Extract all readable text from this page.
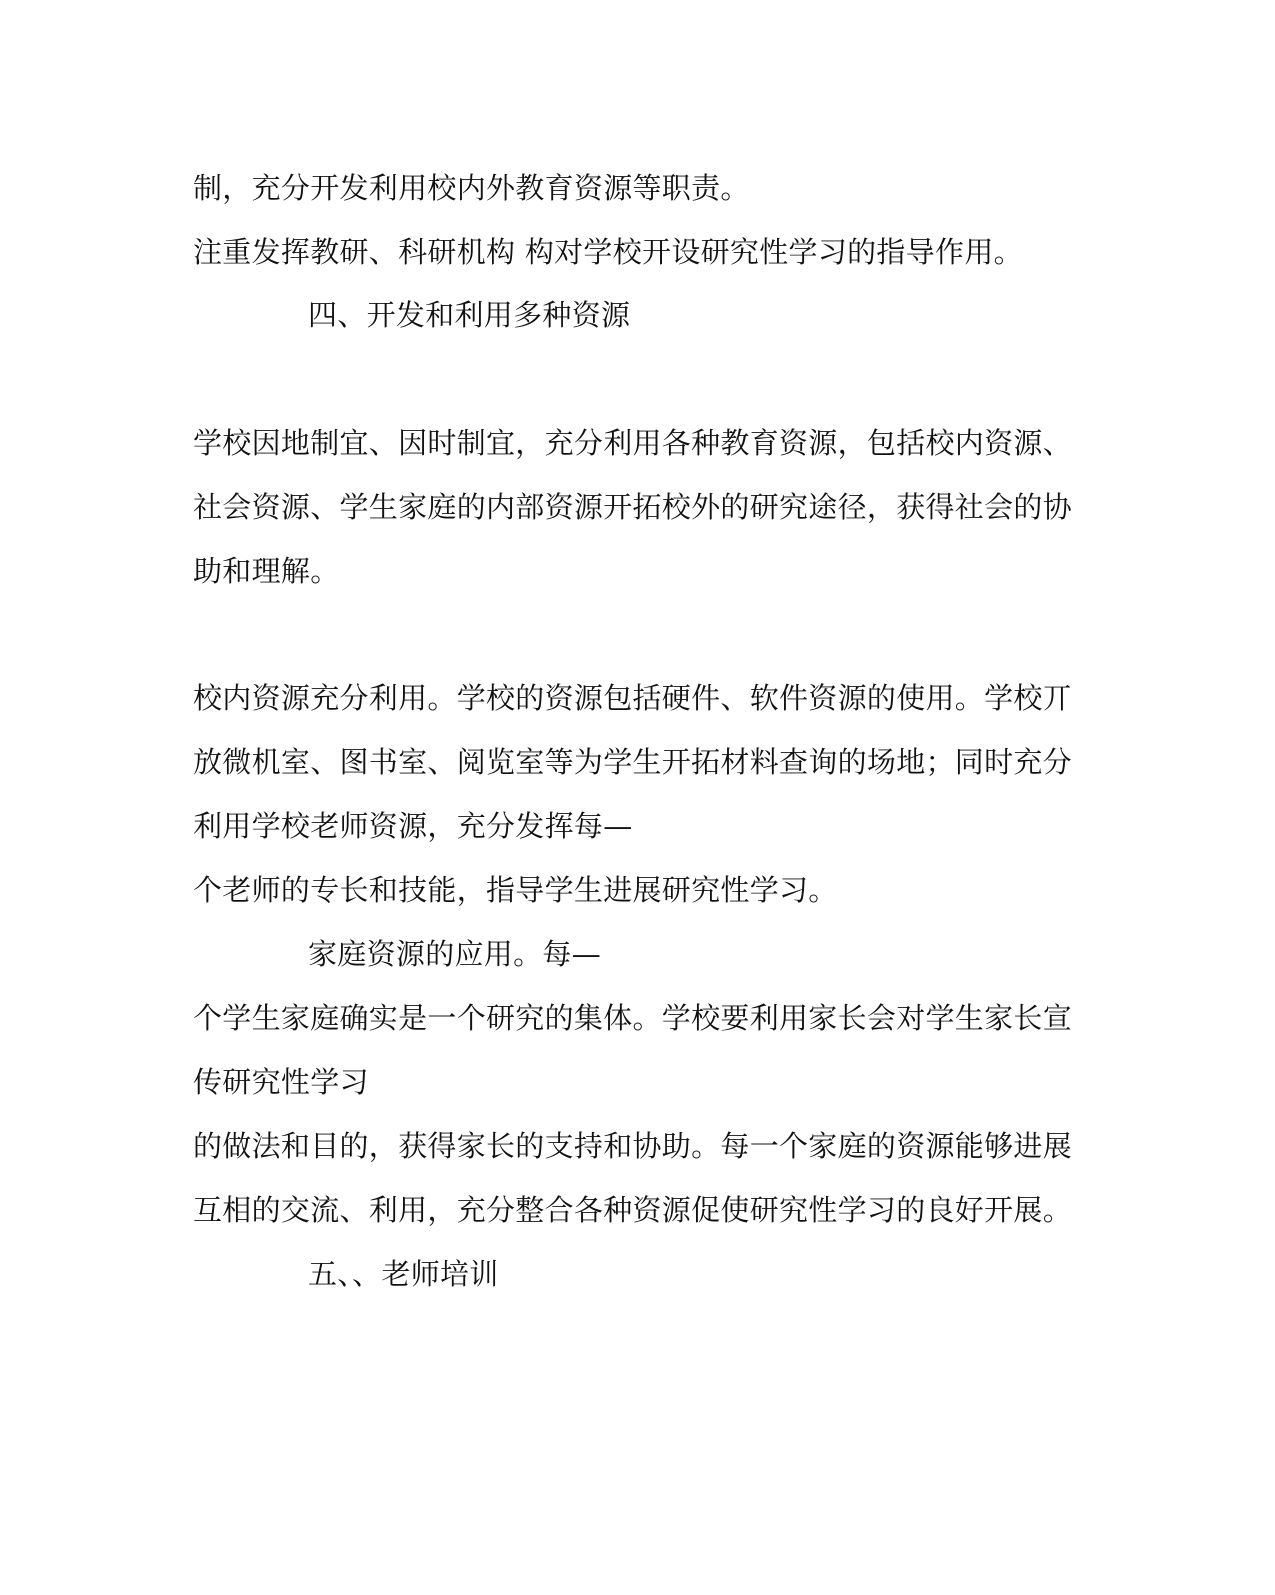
制，充分开发利用校内外教育资源等职责。
注重发挥教研、科研机构 构对学校开设研究性学习的指导作用。
四、开发和利用多种资源
学校因地制宜、因时制宜，充分利用各种教育资源，包括校内资源、
社会资源、学生家庭的内部资源开拓校外的研究途径，获得社会的协
助和理解。
校内资源充分利用。学校的资源包括硬件、软件资源的使用。学校丌
放微机室、图书室、阅览室等为学生开拓材料查询的场地；同时充分
利用学校老师资源，充分发挥每—
个老师的专长和技能，指导学生进展研究性学习。
家庭资源的应用。每—
个学生家庭确实是一个研究的集体。学校要利用家长会对学生家长宣
传研究性学习
的做法和目的，获得家长的支持和协助。每一个家庭的资源能够进展
互相的交流、利用，充分整合各种资源促使研究性学习的良好开展。
五、、老师培训
